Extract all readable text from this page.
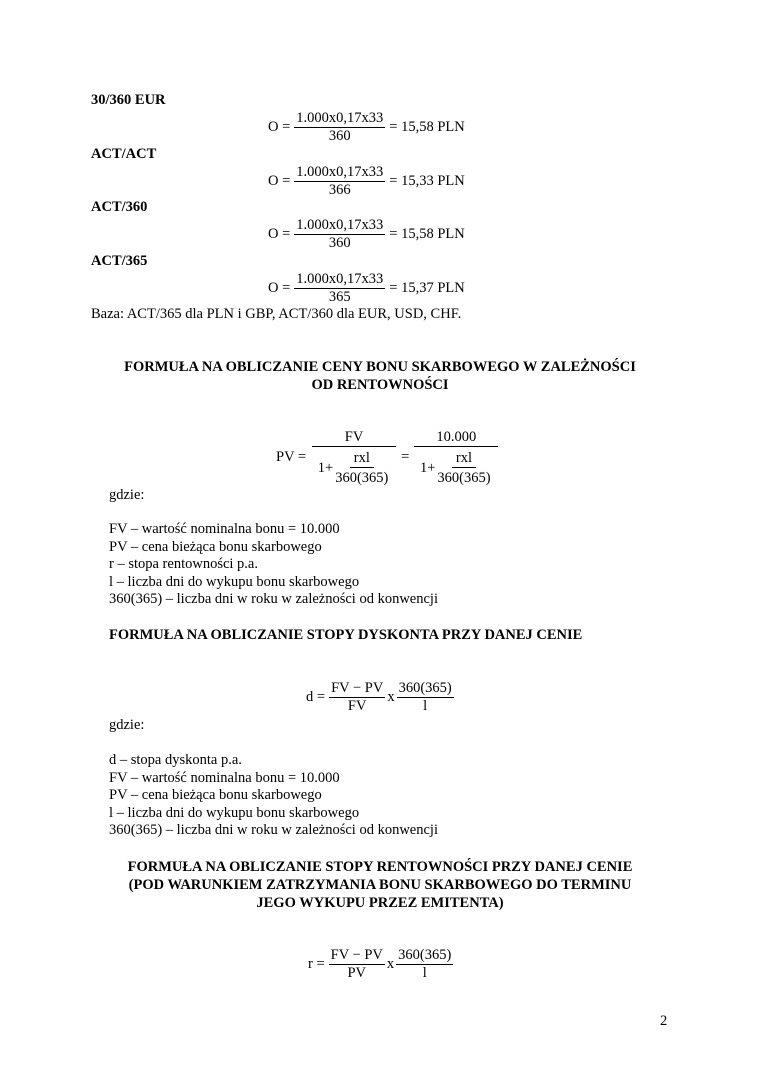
30/360 EUR
$O = \frac{1.000x0,17x33}{360} = 15,58$ PLN
ACT/ACT
$O = \frac{1.000x0,17x33}{366} = 15,33$ PLN
ACT/360
$O = \frac{1.000x0,17x33}{360} = 15,58$ PLN
ACT/365
$O = \frac{1.000x0,17x33}{365} = 15,37$ PLN
Baza: ACT/365 dla PLN i GBP, ACT/360 dla EUR, USD, CHF.
FORMUŁA NA OBLICZANIE CENY BONU SKARBOWEGO W ZALEŻNOŚCI
OD RENTOWNOŚCI
PV = $\frac{FV}{1+ \frac{\text{rxl}}{360(365)}} = \frac{10.000}{1+ \frac{\text{rxl}}{360(365)}}$
gdzie:
FV – wartość nominalna bonu = 10.000
PV – cena bieżąca bonu skarbowego
r – stopa rentowności p.a.
l – liczba dni do wykupu bonu skarbowego
360(365) – liczba dni w roku w zależności od konwencji
FORMUŁA NA OBLICZANIE STOPY DYSKONTA PRZY DANEJ CENIE
$d = \frac{FV - PV}{FV}$ x $\frac{360(365)}{l}$
gdzie:
d – stopa dyskonta p.a.
FV – wartość nominalna bonu = 10.000
PV – cena bieżąca bonu skarbowego
l – liczba dni do wykupu bonu skarbowego
360(365) – liczba dni w roku w zależności od konwencji
FORMUŁA NA OBLICZANIE STOPY RENTOWNOŚCI PRZY DANEJ CENIE
(POD WARUNKIEM ZATRZYMANIA BONU SKARBOWEGO DO TERMINU
JEGO WYKUPU PRZEZ EMITENTA)
$r = \frac{FV - PV}{PV}$ x $\frac{360(365)}{l}$
2
